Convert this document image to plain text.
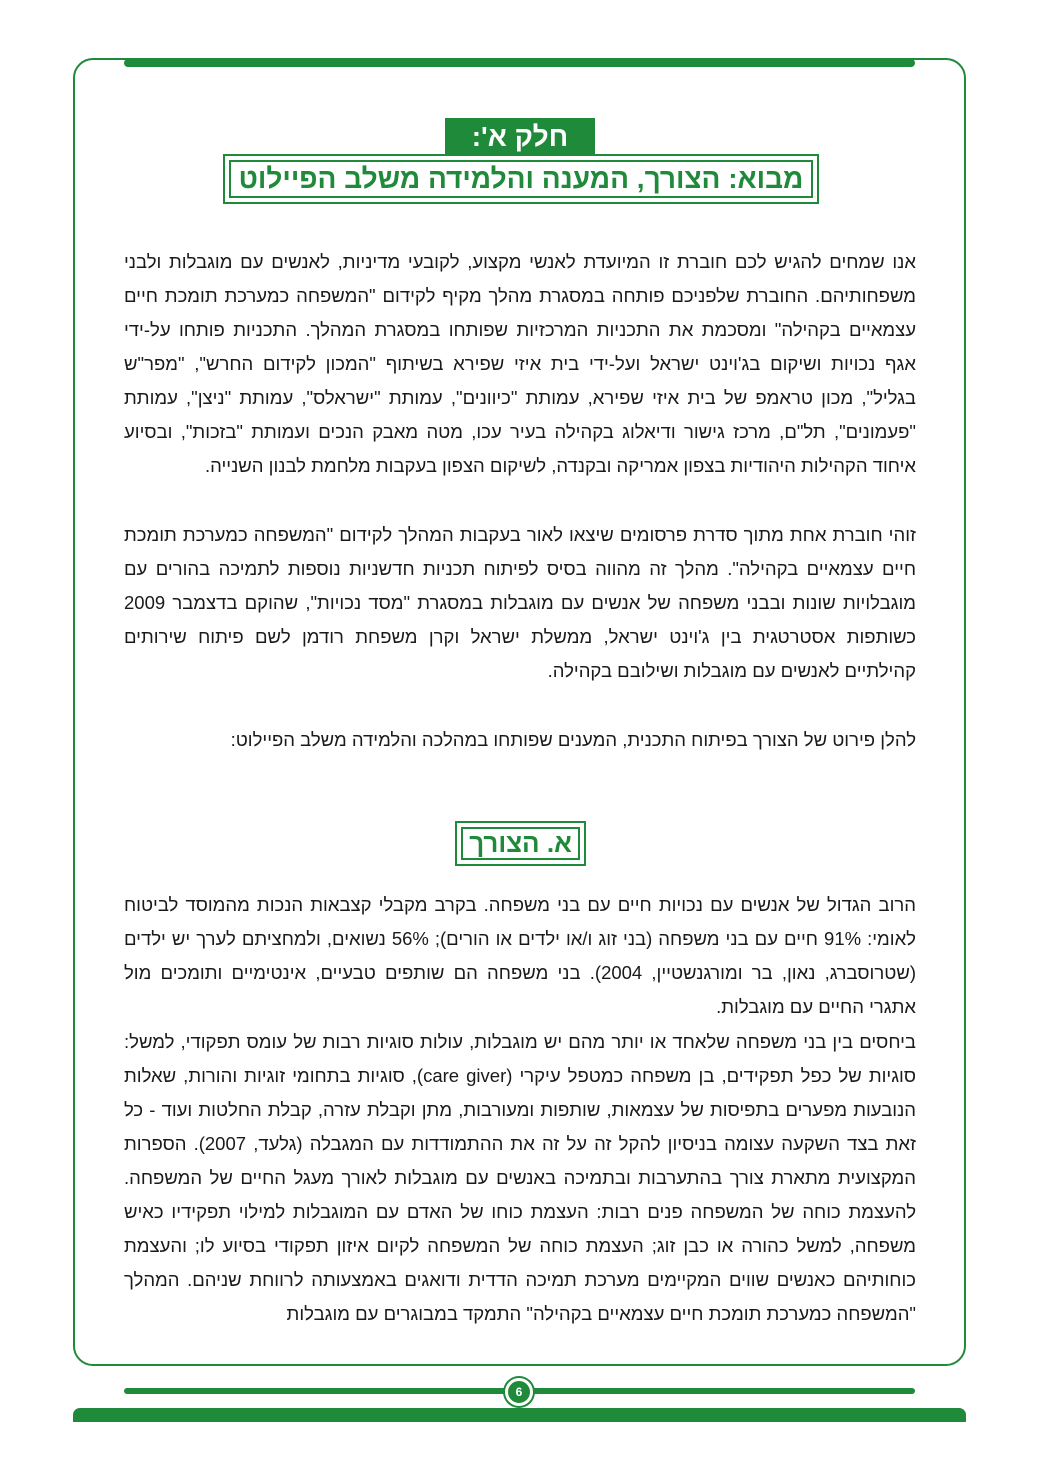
חלק א':
מבוא: הצורך, המענה והלמידה משלב הפיילוט

אנו שמחים להגיש לכם חוברת זו המיועדת לאנשי מקצוע, לקובעי מדיניות, לאנשים עם מוגבלות ולבני משפחותיהם. החוברת שלפניכם פותחה במסגרת מהלך מקיף לקידום "המשפחה כמערכת תומכת חיים עצמאיים בקהילה" ומסכמת את התכניות המרכזיות שפותחו במסגרת המהלך. התכניות פותחו על-ידי אגף נכויות ושיקום בג'וינט ישראל ועל-ידי בית איזי שפירא בשיתוף "המכון לקידום החרש", "מפר"ש בגליל", מכון טראמפ של בית איזי שפירא, עמותת "כיוונים", עמותת "ישראלס", עמותת "ניצן", עמותת "פעמונים", תל"ם, מרכז גישור ודיאלוג בקהילה בעיר עכו, מטה מאבק הנכים ועמותת "בזכות", ובסיוע איחוד הקהילות היהודיות בצפון אמריקה ובקנדה, לשיקום הצפון בעקבות מלחמת לבנון השנייה.

זוהי חוברת אחת מתוך סדרת פרסומים שיצאו לאור בעקבות המהלך לקידום "המשפחה כמערכת תומכת חיים עצמאיים בקהילה". מהלך זה מהווה בסיס לפיתוח תכניות חדשניות נוספות לתמיכה בהורים עם מוגבלויות שונות ובבני משפחה של אנשים עם מוגבלות במסגרת "מסד נכויות", שהוקם בדצמבר 2009 כשותפות אסטרטגית בין ג'וינט ישראל, ממשלת ישראל וקרן משפחת רודמן לשם פיתוח שירותים קהילתיים לאנשים עם מוגבלות ושילובם בקהילה.

להלן פירוט של הצורך בפיתוח התכנית, המענים שפותחו במהלכה והלמידה משלב הפיילוט:

א. הצורך

הרוב הגדול של אנשים עם נכויות חיים עם בני משפחה. בקרב מקבלי קצבאות הנכות מהמוסד לביטוח לאומי: 91% חיים עם בני משפחה (בני זוג ו/או ילדים או הורים); 56% נשואים, ולמחציתם לערך יש ילדים (שטרוסברג, נאון, בר ומורגנשטיין, 2004). בני משפחה הם שותפים טבעיים, אינטימיים ותומכים מול אתגרי החיים עם מוגבלות.

ביחסים בין בני משפחה שלאחד או יותר מהם יש מוגבלות, עולות סוגיות רבות של עומס תפקודי, למשל: סוגיות של כפל תפקידים, בן משפחה כמטפל עיקרי (care giver), סוגיות בתחומי זוגיות והורות, שאלות הנובעות מפערים בתפיסות של עצמאות, שותפות ומעורבות, מתן וקבלת עזרה, קבלת החלטות ועוד - כל זאת בצד השקעה עצומה בניסיון להקל זה על זה את ההתמודדות עם המגבלה (גלעד, 2007). הספרות המקצועית מתארת צורך בהתערבות ובתמיכה באנשים עם מוגבלות לאורך מעגל החיים של המשפחה. להעצמת כוחה של המשפחה פנים רבות: העצמת כוחו של האדם עם המוגבלות למילוי תפקידיו כאיש משפחה, למשל כהורה או כבן זוג; העצמת כוחה של המשפחה לקיום איזון תפקודי בסיוע לו; והעצמת כוחותיהם כאנשים שווים המקיימים מערכת תמיכה הדדית ודואגים באמצעותה לרווחת שניהם. המהלך "המשפחה כמערכת תומכת חיים עצמאיים בקהילה" התמקד במבוגרים עם מוגבלות

6
